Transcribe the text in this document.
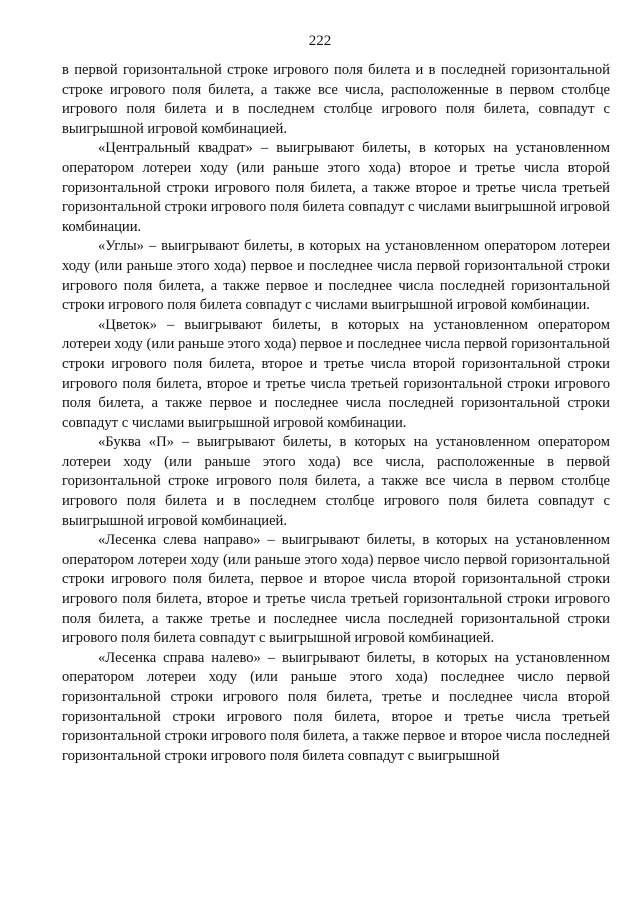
222

в первой горизонтальной строке игрового поля билета и в последней горизонтальной строке игрового поля билета, а также все числа, расположенные в первом столбце игрового поля билета и в последнем столбце игрового поля билета, совпадут с выигрышной игровой комбинацией.

«Центральный квадрат» – выигрывают билеты, в которых на установленном оператором лотереи ходу (или раньше этого хода) второе и третье числа второй горизонтальной строки игрового поля билета, а также второе и третье числа третьей горизонтальной строки игрового поля билета совпадут с числами выигрышной игровой комбинации.

«Углы» – выигрывают билеты, в которых на установленном оператором лотереи ходу (или раньше этого хода) первое и последнее числа первой горизонтальной строки игрового поля билета, а также первое и последнее числа последней горизонтальной строки игрового поля билета совпадут с числами выигрышной игровой комбинации.

«Цветок» – выигрывают билеты, в которых на установленном оператором лотереи ходу (или раньше этого хода) первое и последнее числа первой горизонтальной строки игрового поля билета, второе и третье числа второй горизонтальной строки игрового поля билета, второе и третье числа третьей горизонтальной строки игрового поля билета, а также первое и последнее числа последней горизонтальной строки совпадут с числами выигрышной игровой комбинации.

«Буква «П» – выигрывают билеты, в которых на установленном оператором лотереи ходу (или раньше этого хода) все числа, расположенные в первой горизонтальной строке игрового поля билета, а также все числа в первом столбце игрового поля билета и в последнем столбце игрового поля билета совпадут с выигрышной игровой комбинацией.

«Лесенка слева направо» – выигрывают билеты, в которых на установленном оператором лотереи ходу (или раньше этого хода) первое число первой горизонтальной строки игрового поля билета, первое и второе числа второй горизонтальной строки игрового поля билета, второе и третье числа третьей горизонтальной строки игрового поля билета, а также третье и последнее числа последней горизонтальной строки игрового поля билета совпадут с выигрышной игровой комбинацией.

«Лесенка справа налево» – выигрывают билеты, в которых на установленном оператором лотереи ходу (или раньше этого хода) последнее число первой горизонтальной строки игрового поля билета, третье и последнее числа второй горизонтальной строки игрового поля билета, второе и третье числа третьей горизонтальной строки игрового поля билета, а также первое и второе числа последней горизонтальной строки игрового поля билета совпадут с выигрышной
